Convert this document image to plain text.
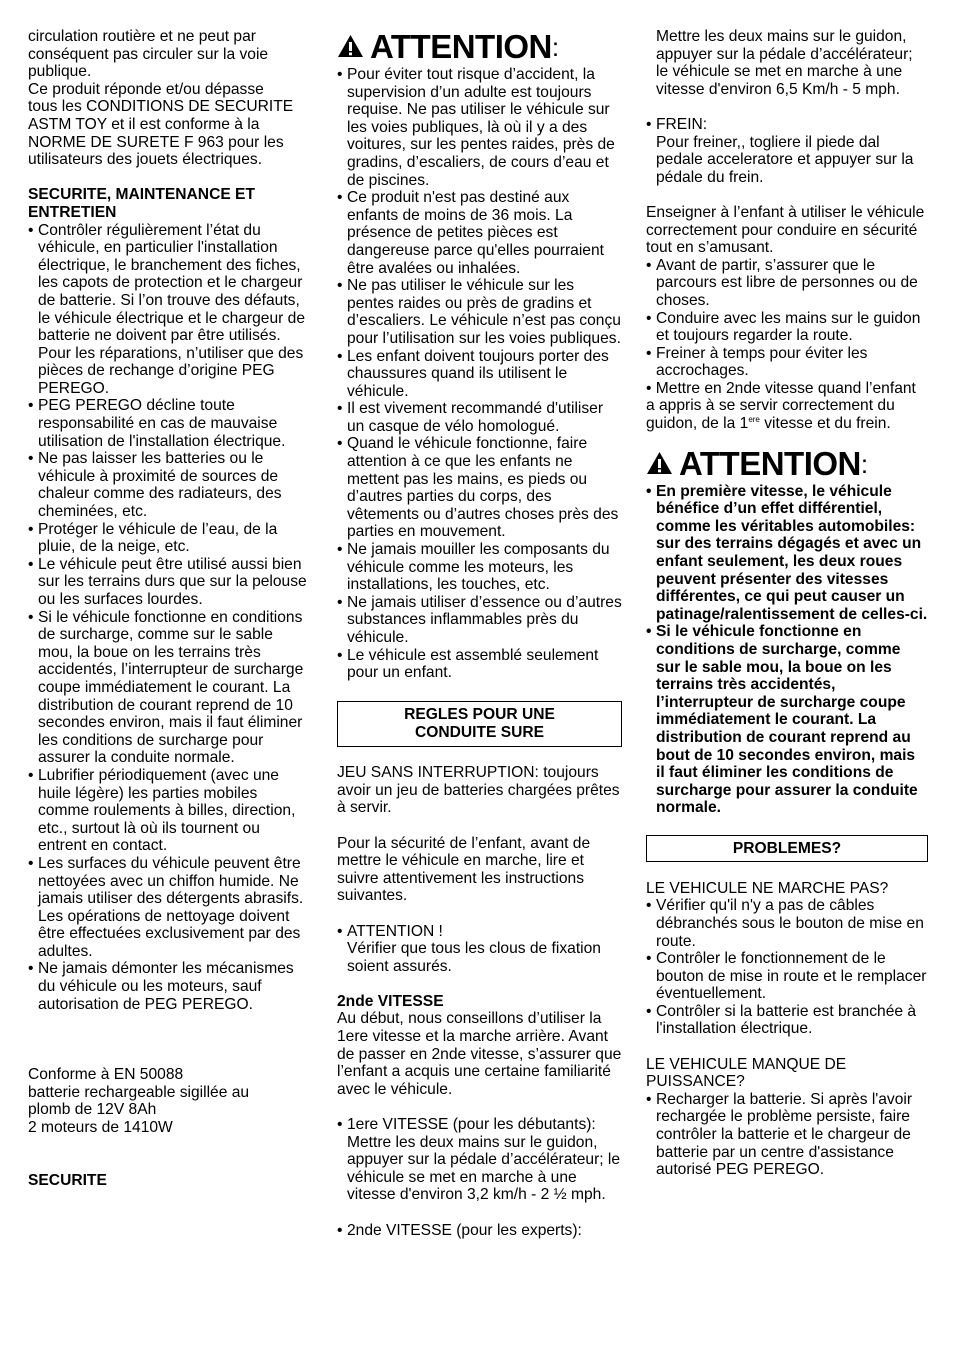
circulation routière et ne peut par

conséquent pas circuler sur la voie

publique.

Ce produit réponde et/ou dépasse

tous les CONDITIONS DE SECURITE

ASTM TOY et il est conforme à la

NORME DE SURETE F 963 pour les

utilisateurs des jouets électriques.

SECURITE, MAINTENANCE ET ENTRETIEN

• Contrôler régulièrement l’état du véhicule, en particulier l'installation électrique, le branchement des fiches, les capots de protection et le chargeur de batterie. Si l’on trouve des défauts, le véhicule électrique et le chargeur de batterie ne doivent par être utilisés. Pour les réparations, n’utiliser que des pièces de rechange d’origine PEG PEREGO.
• PEG PEREGO décline toute responsabilité en cas de mauvaise utilisation de l'installation électrique.
• Ne pas laisser les batteries ou le véhicule à proximité de sources de chaleur comme des radiateurs, des cheminées, etc.
• Protéger le véhicule de l’eau, de la pluie, de la neige, etc.
• Le véhicule peut être utilisé aussi bien sur les terrains durs que sur la pelouse ou les surfaces lourdes.
• Si le véhicule fonctionne en conditions de surcharge, comme sur le sable mou, la boue on les terrains très accidentés, l’interrupteur de surcharge coupe immédiatement le courant. La distribution de courant reprend de 10 secondes environ, mais il faut éliminer les conditions de surcharge pour assurer la conduite normale.
• Lubrifier périodiquement (avec une huile légère) les parties mobiles comme roulements à billes, direction, etc., surtout là où ils tournent ou entrent en contact.
• Les surfaces du véhicule peuvent être nettoyées avec un chiffon humide. Ne jamais utiliser des détergents abrasifs. Les opérations de nettoyage doivent être effectuées exclusivement par des adultes.
• Ne jamais démonter les mécanismes du véhicule ou les moteurs, sauf autorisation de PEG PEREGO.

Conforme à EN 50088

batterie rechargeable sigillée au

plomb de 12V 8Ah

2 moteurs de 1410W

SECURITE

ATTENTION :
• Pour éviter tout risque d’accident, la supervision d’un adulte est toujours requise. Ne pas utiliser le véhicule sur les voies publiques, là où il y a des voitures, sur les pentes raides, près de gradins, d’escaliers, de cours d’eau et de piscines.
• Ce produit n'est pas destiné aux enfants de moins de 36 mois. La présence de petites pièces est dangereuse parce qu'elles pourraient être avalées ou inhalées.
• Ne pas utiliser le véhicule sur les pentes raides ou près de gradins et d’escaliers. Le véhicule n’est pas conçu pour l’utilisation sur les voies publiques.
• Les enfant doivent toujours porter des chaussures quand ils utilisent le véhicule.
• Il est vivement recommandé d'utiliser un casque de vélo homologué.
• Quand le véhicule fonctionne, faire attention à ce que les enfants ne mettent pas les mains, es pieds ou d’autres parties du corps, des vêtements ou d’autres choses près des parties en mouvement.
• Ne jamais mouiller les composants du véhicule comme les moteurs, les installations, les touches, etc.
• Ne jamais utiliser d’essence ou d’autres substances inflammables près du véhicule.
• Le véhicule est assemblé seulement pour un enfant.

REGLES POUR UNE

CONDUITE SURE

JEU SANS INTERRUPTION: toujours avoir un jeu de batteries chargées prêtes à servir.

Pour la sécurité de l’enfant, avant de mettre le véhicule en marche, lire et suivre attentivement les instructions suivantes.

• ATTENTION !

Vérifier que tous les clous de fixation soient assurés.

2nde VITESSE

Au début, nous conseillons d’utiliser la 1ere vitesse et la marche arrière. Avant de passer en 2nde vitesse, s’assurer que l’enfant a acquis une certaine familiarité avec le véhicule.

• 1ere VITESSE (pour les débutants):

Mettre les deux mains sur le guidon, appuyer sur la pédale d’accélérateur; le véhicule se met en marche à une vitesse d'environ 3,2 km/h - 2 ½ mph.

• 2nde VITESSE (pour les experts):

Mettre les deux mains sur le guidon, appuyer sur la pédale d’accélérateur; le véhicule se met en marche à une vitesse d'environ 6,5 Km/h - 5 mph.

• FREIN:

Pour freiner,, togliere il piede dal pedale acceleratore et appuyer sur la pédale du frein.

Enseigner à l’enfant à utiliser le véhicule correctement pour conduire en sécurité tout en s’amusant.

• Avant de partir, s’assurer que le parcours est libre de personnes ou de choses.
• Conduire avec les mains sur le guidon et toujours regarder la route.
• Freiner à temps pour éviter les accrochages.

• Mettre en 2nde vitesse quand l’enfant a appris à se servir correctement du guidon, de la 1ere vitesse et du frein.

ATTENTION :
• En première vitesse, le véhicule bénéfice d’un effet différentiel, comme les véritables automobiles: sur des terrains dégagés et avec un enfant seulement, les deux roues peuvent présenter des vitesses différentes, ce qui peut causer un patinage/ralentissement de celles-ci.
• Si le véhicule fonctionne en conditions de surcharge, comme sur le sable mou, la boue on les terrains très accidentés, l’interrupteur de surcharge coupe immédiatement le courant. La distribution de courant reprend au bout de 10 secondes environ, mais il faut éliminer les conditions de surcharge pour assurer la conduite normale.

PROBLEMES?

LE VEHICULE NE MARCHE PAS?

• Vérifier qu'il n'y a pas de câbles débranchés sous le bouton de mise en route.
• Contrôler le fonctionnement de le bouton de mise in route et le remplacer éventuellement.
• Contrôler si la batterie est branchée à l'installation électrique.

LE VEHICULE MANQUE DE PUISSANCE?

• Recharger la batterie. Si après l'avoir rechargée le problème persiste, faire contrôler la batterie et le chargeur de batterie par un centre d'assistance autorisé PEG PEREGO.
